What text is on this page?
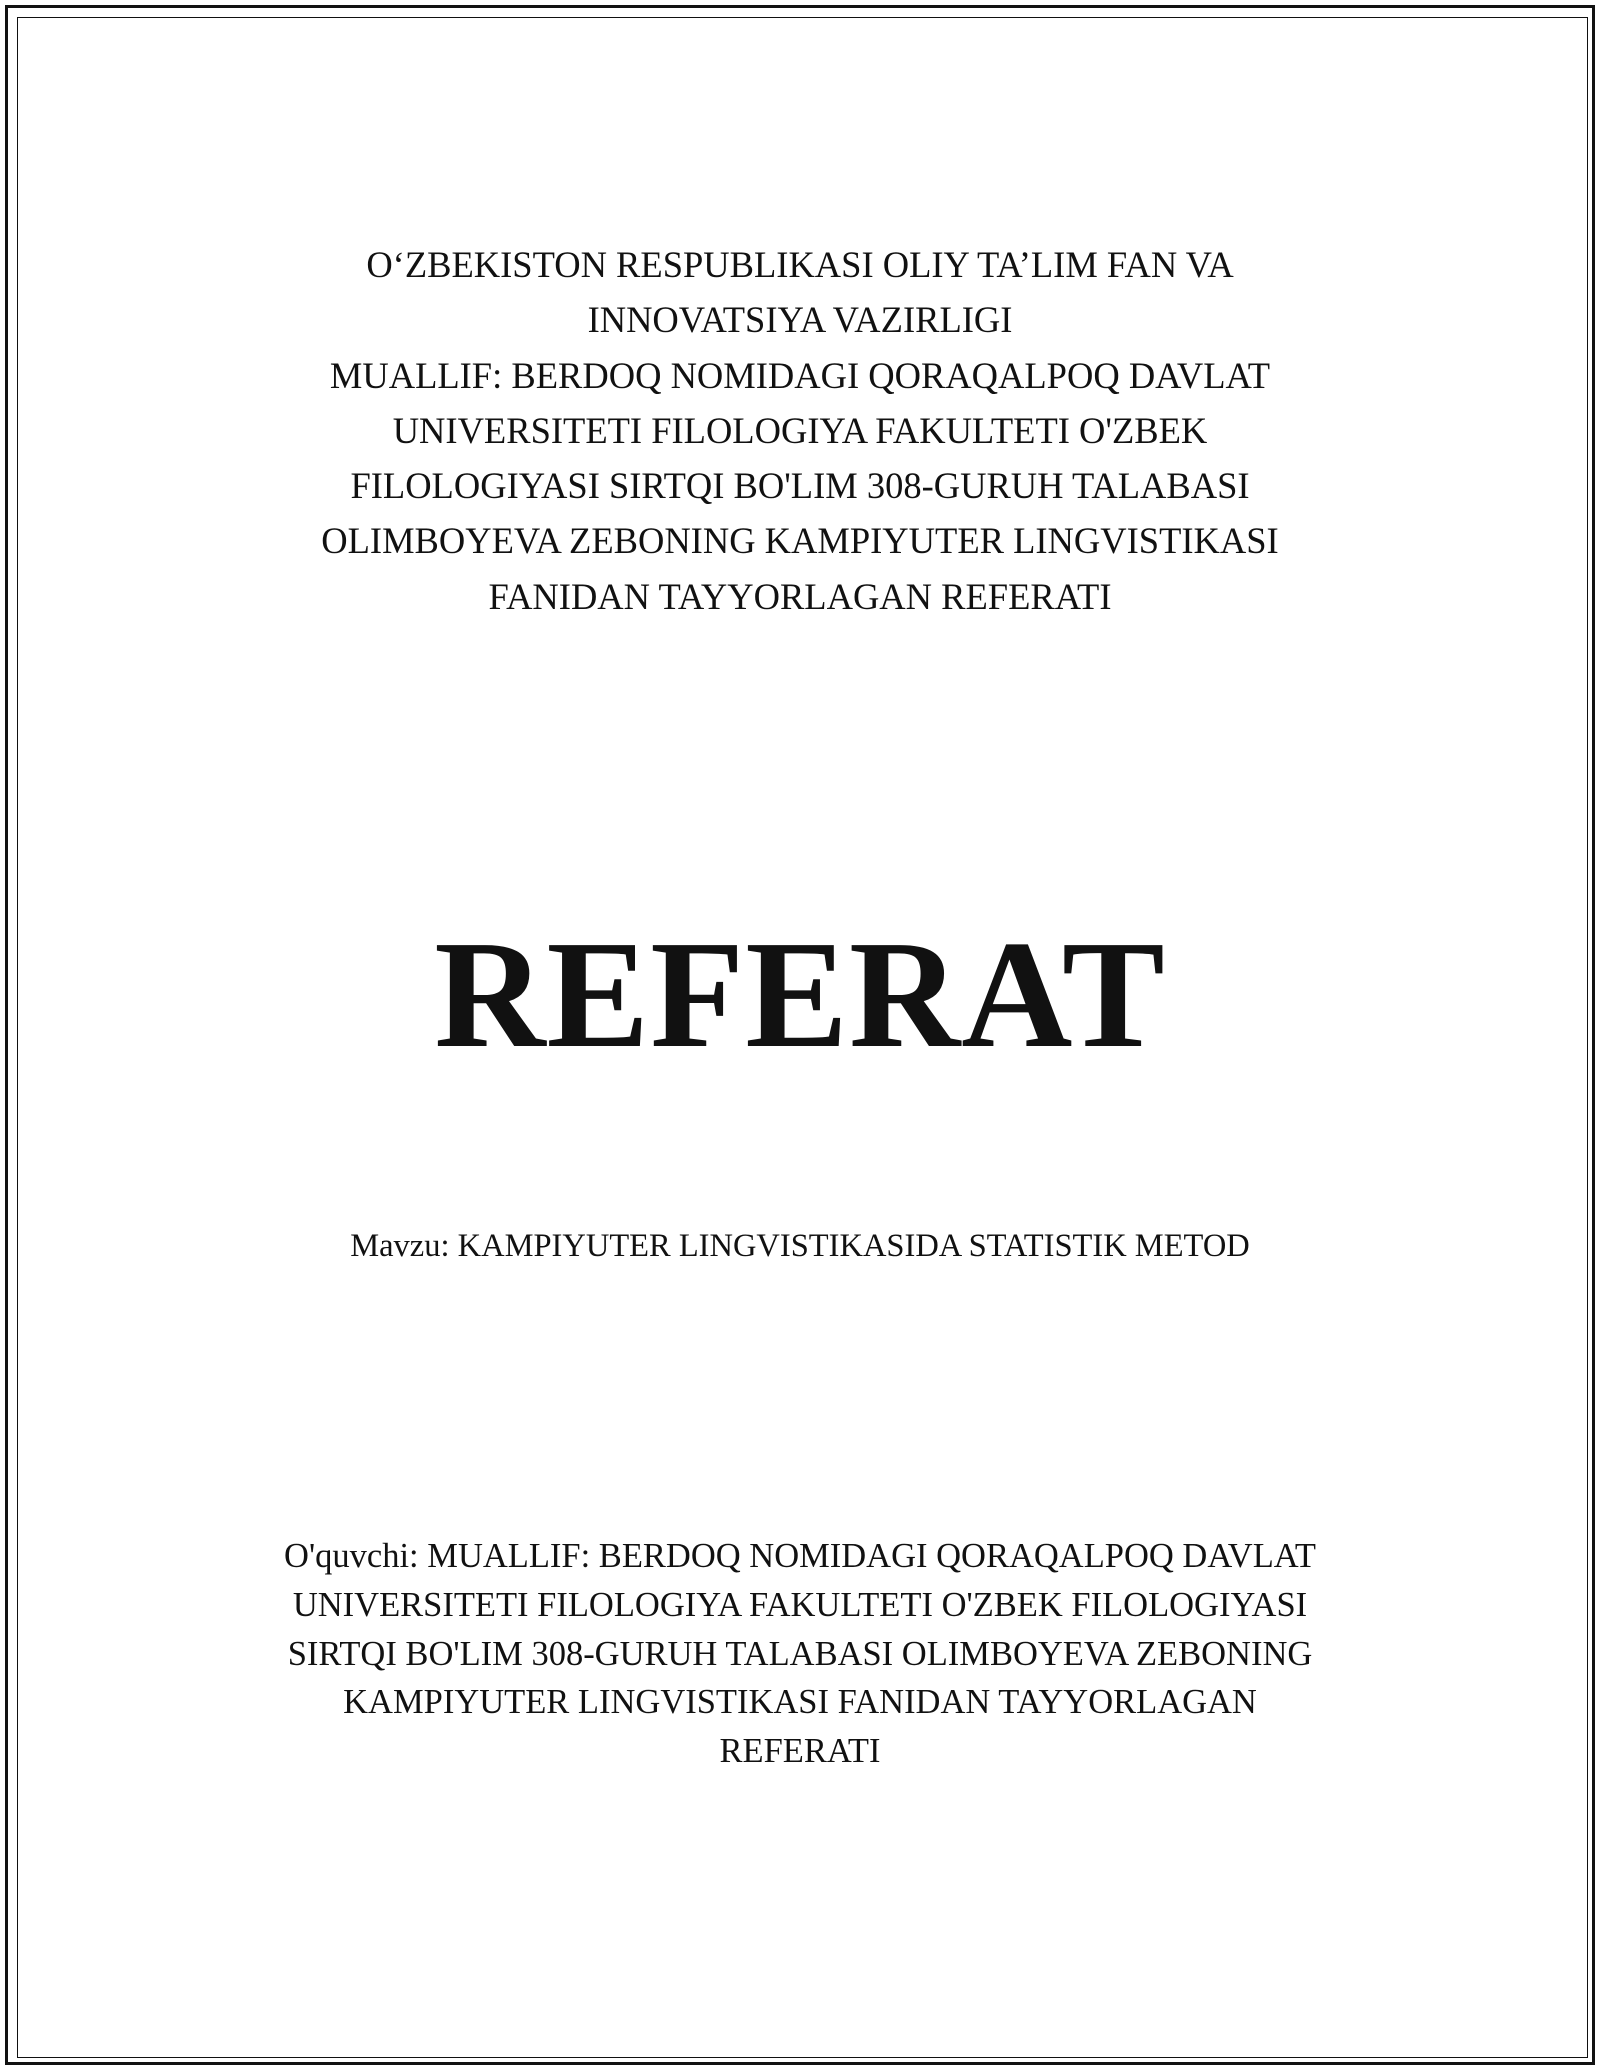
O‘ZBEKISTON RESPUBLIKASI OLIY TA’LIM FAN VA
INNOVATSIYA VAZIRLIGI
MUALLIF: BERDOQ NOMIDAGI QORAQALPOQ DAVLAT
UNIVERSITETI FILOLOGIYA FAKULTETI O'ZBEK
FILOLOGIYASI SIRTQI BO'LIM 308-GURUH TALABASI
OLIMBOYEVA ZEBONING KAMPIYUTER LINGVISTIKASI
FANIDAN TAYYORLAGAN REFERATI
REFERAT
Mavzu: KAMPIYUTER LINGVISTIKASIDA STATISTIK METOD
O'quvchi: MUALLIF: BERDOQ NOMIDAGI QORAQALPOQ DAVLAT
UNIVERSITETI FILOLOGIYA FAKULTETI O'ZBEK FILOLOGIYASI
SIRTQI BO'LIM 308-GURUH TALABASI OLIMBOYEVA ZEBONING
KAMPIYUTER LINGVISTIKASI FANIDAN TAYYORLAGAN
REFERATI
